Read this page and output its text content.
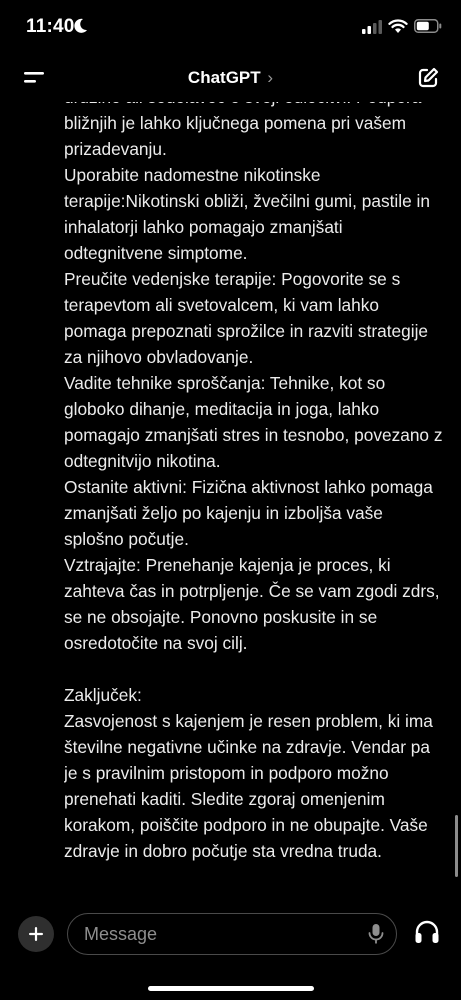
11:40
ChatGPT ›

bližnjih je lahko ključnega pomena pri vašem prizadevanju.

Uporabite nadomestne nikotinske terapije:Nikotinski obliži, žvečilni gumi, pastile in inhalatorji lahko pomagajo zmanjšati odtegnitvene simptome.

Preučite vedenjske terapije: Pogovorite se s terapevtom ali svetovalcem, ki vam lahko pomaga prepoznati sprožilce in razviti strategije za njihovo obvladovanje.

Vadite tehnike sproščanja: Tehnike, kot so globoko dihanje, meditacija in joga, lahko pomagajo zmanjšati stres in tesnobo, povezano z odtegnitvijo nikotina.

Ostanite aktivni: Fizična aktivnost lahko pomaga zmanjšati željo po kajenju in izboljša vaše splošno počutje.

Vztrajajte: Prenehanje kajenja je proces, ki zahteva čas in potrpljenje. Če se vam zgodi zdrs, se ne obsojajte. Ponovno poskusite in se osredotočite na svoj cilj.

Zaključek:

Zasvojenost s kajenjem je resen problem, ki ima številne negativne učinke na zdravje. Vendar pa je s pravilnim pristopom in podporo možno prenehati kaditi. Sledite zgoraj omenjenim korakom, poiščite podporo in ne obupajte. Vaše zdravje in dobro počutje sta vredna truda.

Message
